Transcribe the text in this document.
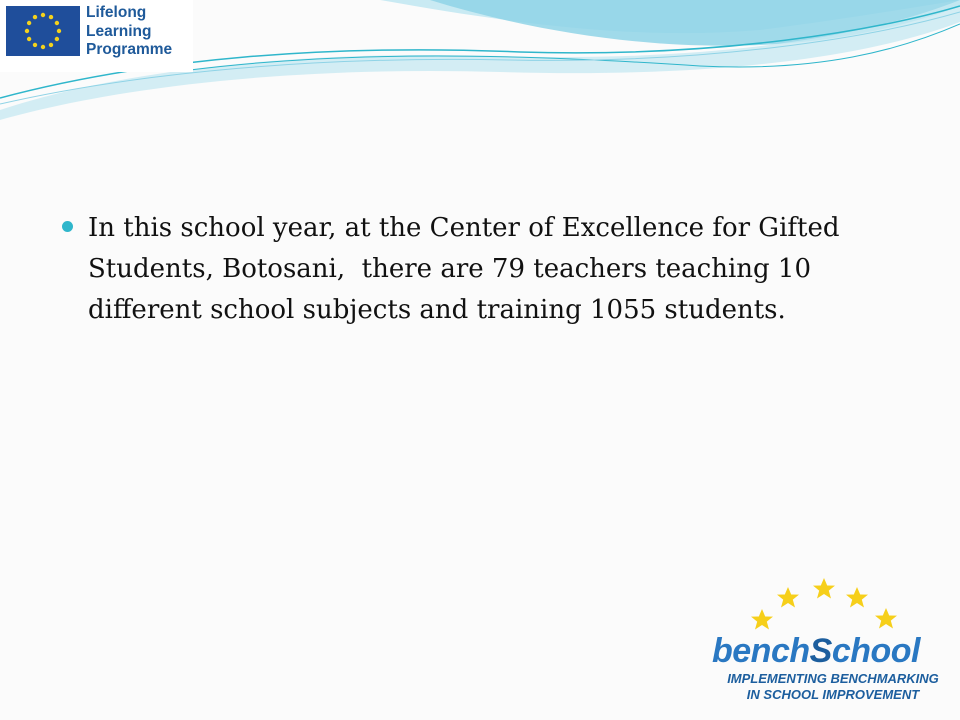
Lifelong
Learning
Programme

In this school year, at the Center of Excellence for Gifted Students, Botosani,  there are 79 teachers teaching 10 different school subjects and training 1055 students.

benchSchool
IMPLEMENTING BENCHMARKING
IN SCHOOL IMPROVEMENT
